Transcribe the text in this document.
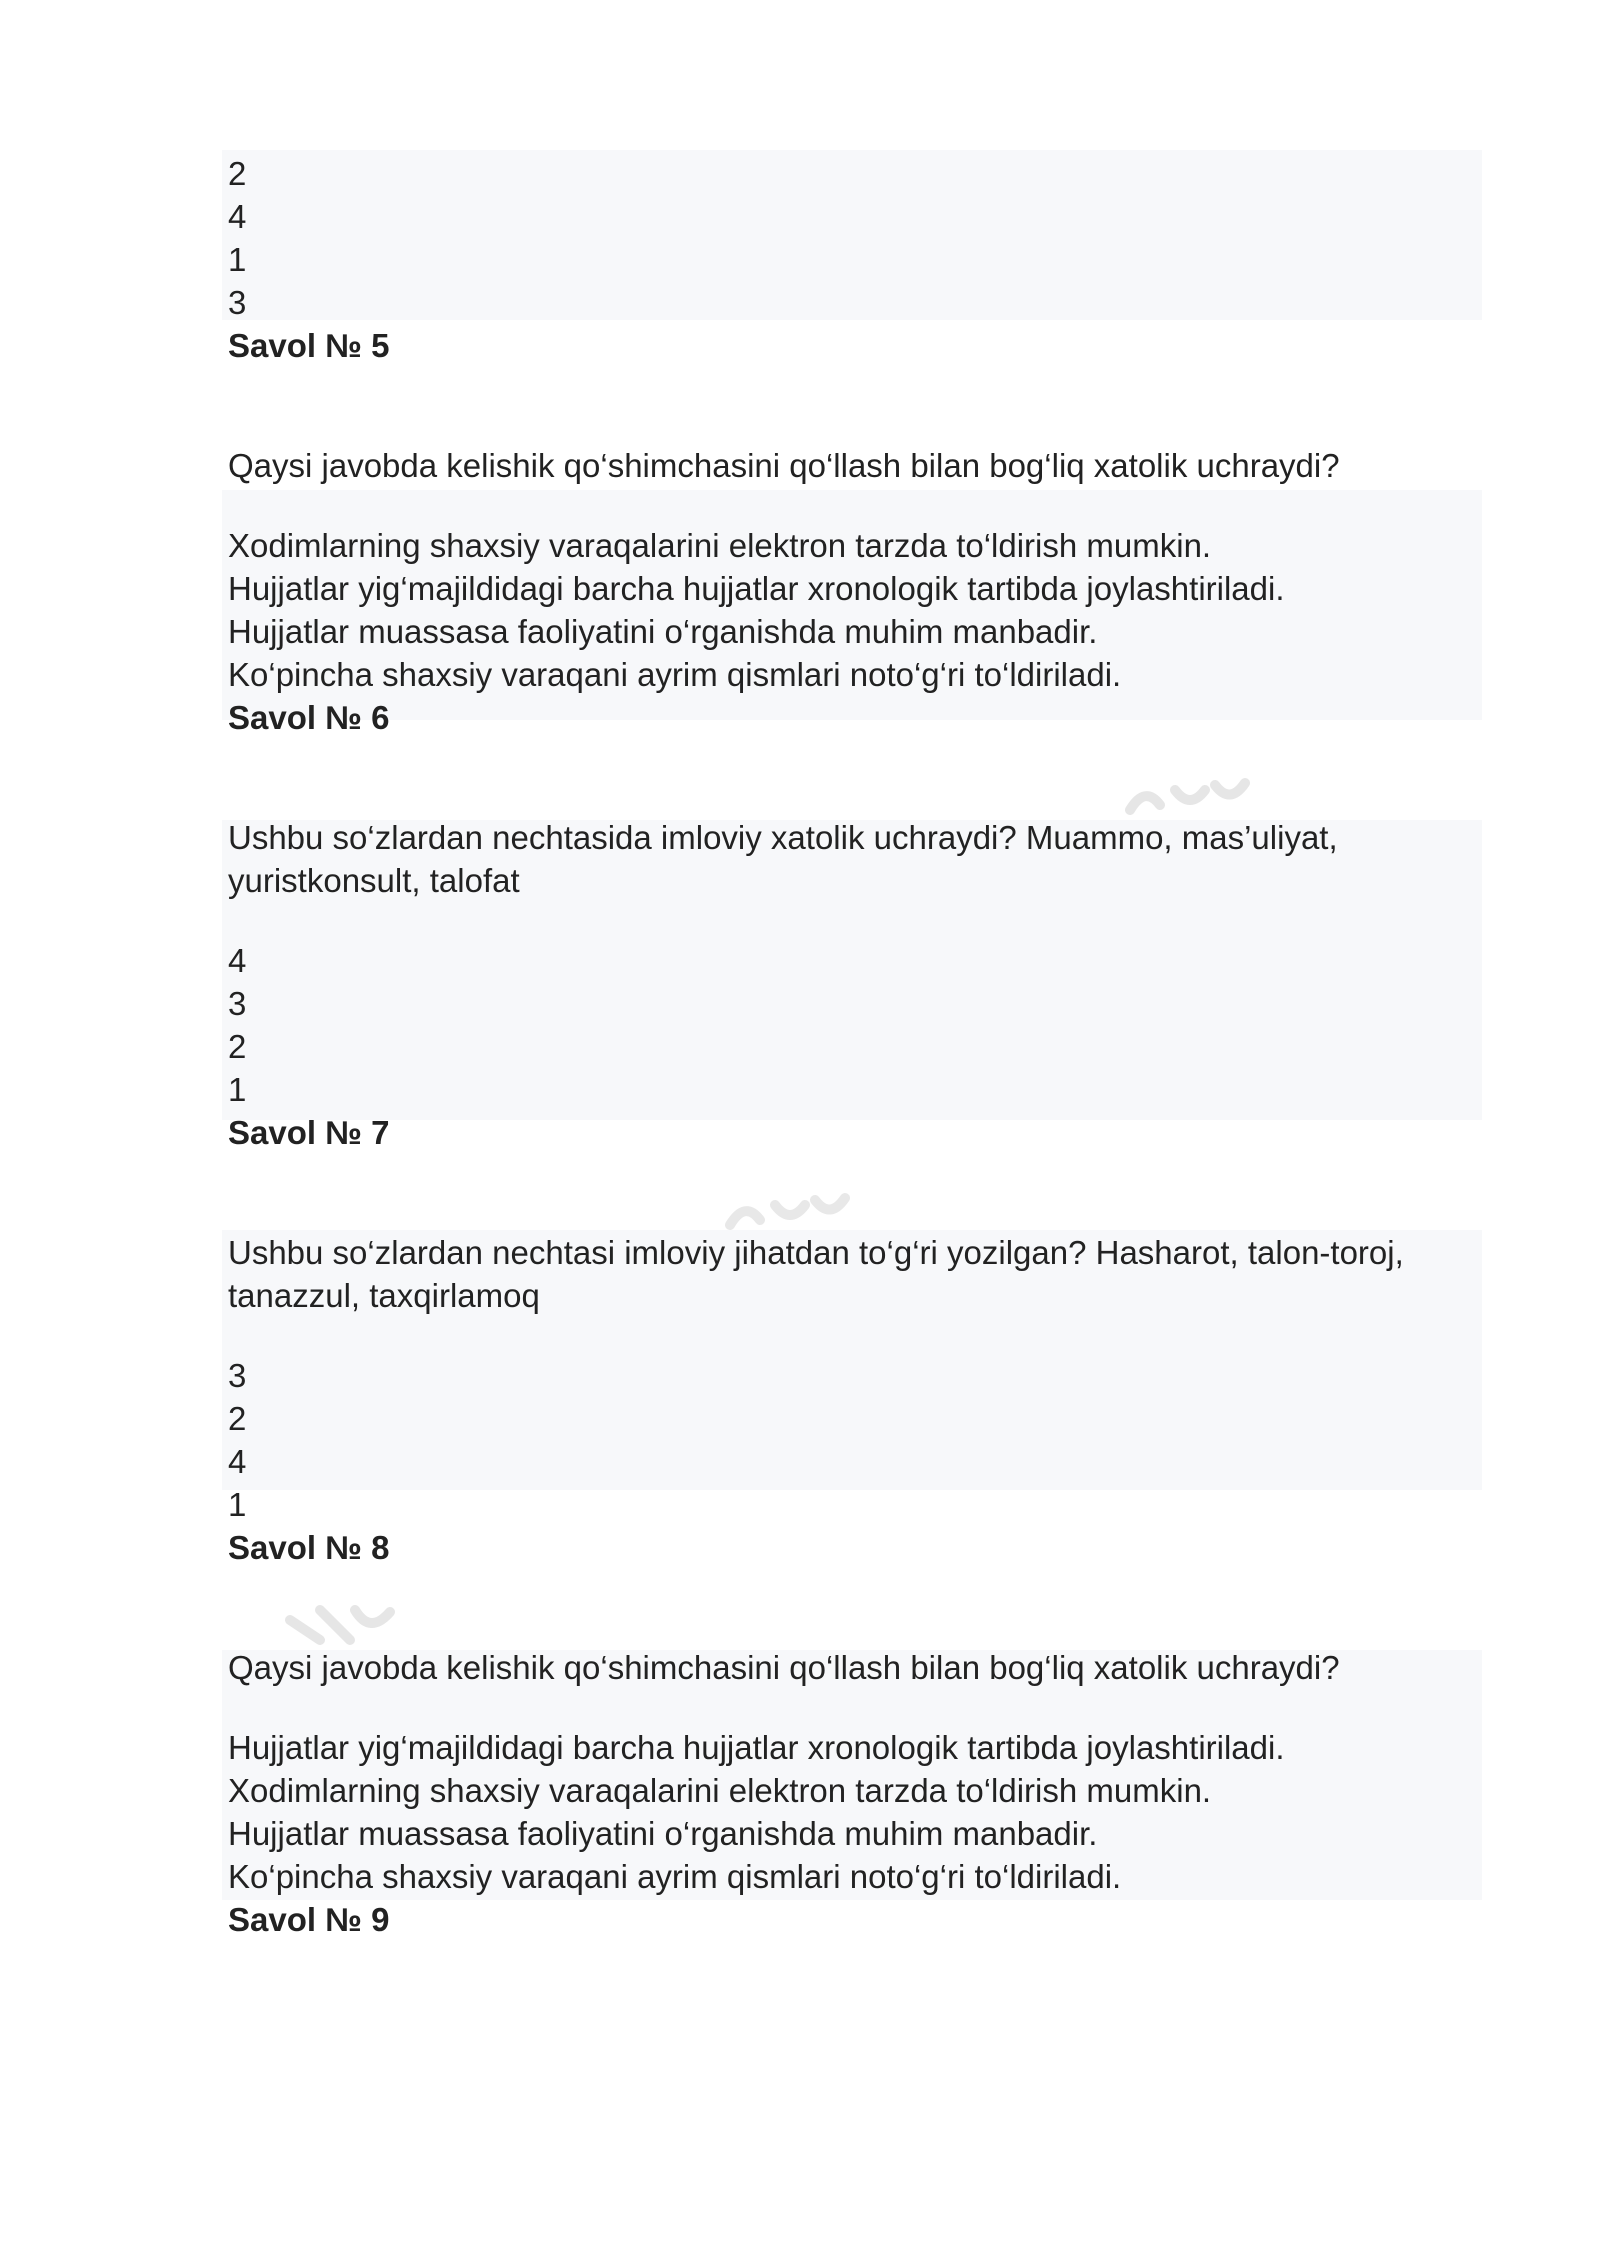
2
4
1
3
Savol № 5
Qaysi javobda kelishik qo‘shimchasini qo‘llash bilan bog‘liq xatolik uchraydi?
Xodimlarning shaxsiy varaqalarini elektron tarzda to‘ldirish mumkin.
Hujjatlar yig‘majildidagi barcha hujjatlar xronologik tartibda joylashtiriladi.
Hujjatlar muassasa faoliyatini o‘rganishda muhim manbadir.
Ko‘pincha shaxsiy varaqani ayrim qismlari noto‘g‘ri to‘ldiriladi.
Savol № 6
Ushbu so‘zlardan nechtasida imloviy xatolik uchraydi? Muammo, mas’uliyat, yuristkonsult, talofat
4
3
2
1
Savol № 7
Ushbu so‘zlardan nechtasi imloviy jihatdan to‘g‘ri yozilgan? Hasharot, talon-toroj, tanazzul, taxqirlamoq
3
2
4
1
Savol № 8
Qaysi javobda kelishik qo‘shimchasini qo‘llash bilan bog‘liq xatolik uchraydi?
Hujjatlar yig‘majildidagi barcha hujjatlar xronologik tartibda joylashtiriladi.
Xodimlarning shaxsiy varaqalarini elektron tarzda to‘ldirish mumkin.
Hujjatlar muassasa faoliyatini o‘rganishda muhim manbadir.
Ko‘pincha shaxsiy varaqani ayrim qismlari noto‘g‘ri to‘ldiriladi.
Savol № 9
